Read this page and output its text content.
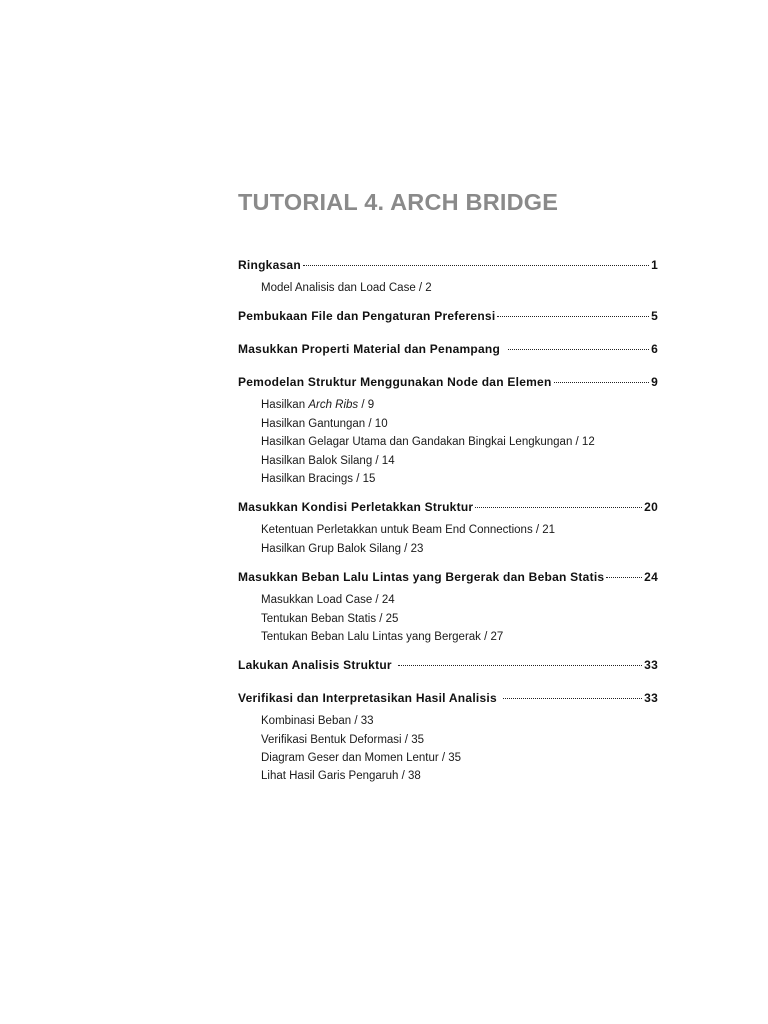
TUTORIAL 4. ARCH BRIDGE
Ringkasan	1
Model Analisis dan Load Case / 2
Pembukaan File dan Pengaturan Preferensi	5
Masukkan Properti Material dan Penampang	6
Pemodelan Struktur Menggunakan Node dan Elemen	9
Hasilkan Arch Ribs / 9
Hasilkan Gantungan / 10
Hasilkan Gelagar Utama dan Gandakan Bingkai Lengkungan / 12
Hasilkan Balok Silang / 14
Hasilkan Bracings / 15
Masukkan Kondisi Perletakkan Struktur	20
Ketentuan Perletakkan untuk Beam End Connections / 21
Hasilkan Grup Balok Silang / 23
Masukkan Beban Lalu Lintas yang Bergerak dan Beban Statis	24
Masukkan Load Case / 24
Tentukan Beban Statis / 25
Tentukan Beban Lalu Lintas yang Bergerak / 27
Lakukan Analisis Struktur	33
Verifikasi dan Interpretasikan Hasil Analisis	33
Kombinasi Beban / 33
Verifikasi Bentuk Deformasi / 35
Diagram Geser dan Momen Lentur / 35
Lihat Hasil Garis Pengaruh / 38
